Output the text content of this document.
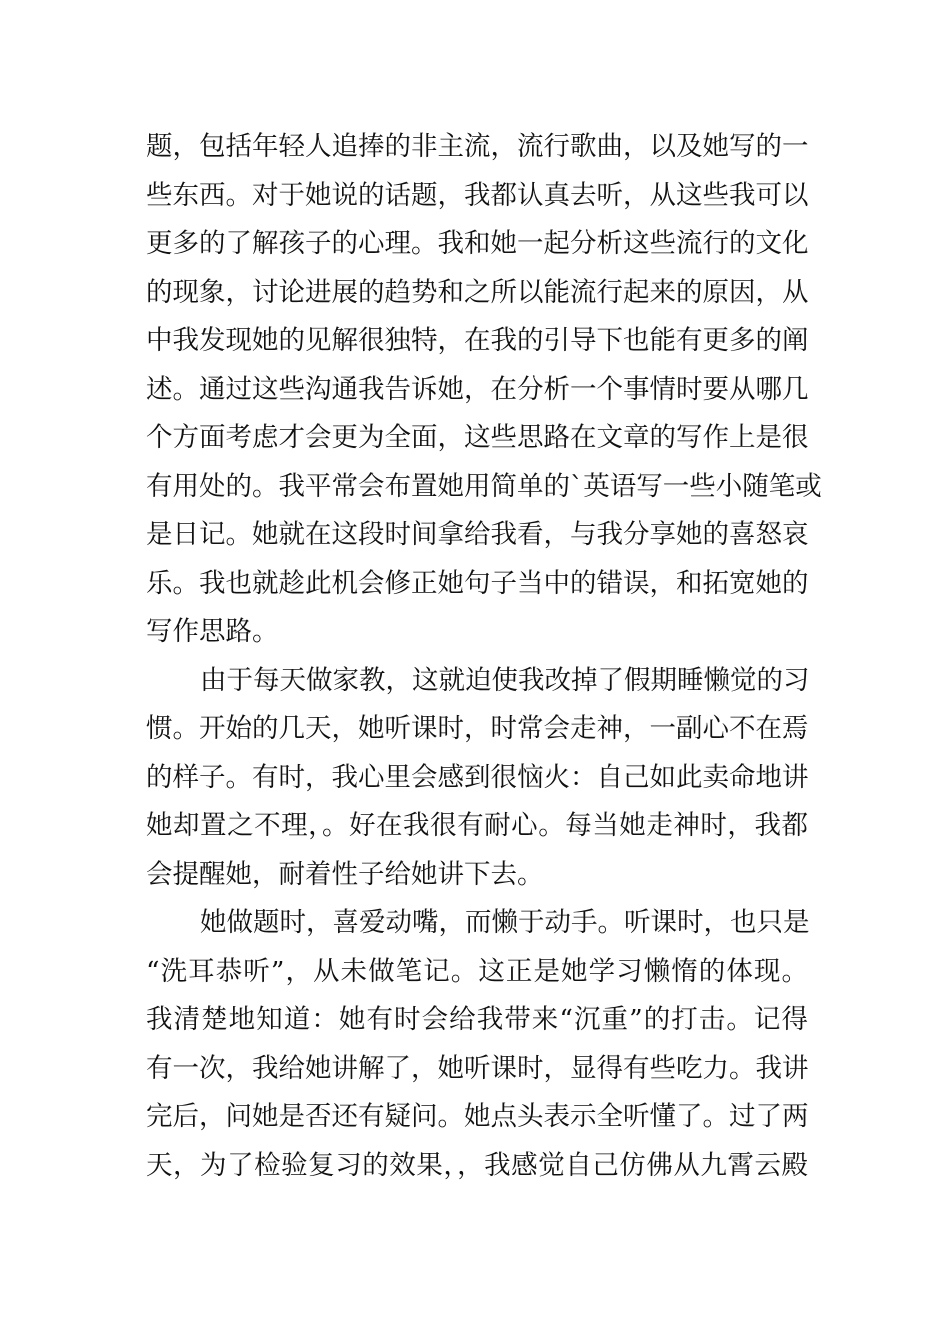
题，包括年轻人追捧的非主流，流行歌曲，以及她写的一
些东西。对于她说的话题，我都认真去听，从这些我可以
更多的了解孩子的心理。我和她一起分析这些流行的文化
的现象，讨论进展的趋势和之所以能流行起来的原因，从
中我发现她的见解很独特，在我的引导下也能有更多的阐
述。通过这些沟通我告诉她，在分析一个事情时要从哪几
个方面考虑才会更为全面，这些思路在文章的写作上是很
有用处的。我平常会布置她用简单的`英语写一些小随笔或
是日记。她就在这段时间拿给我看，与我分享她的喜怒哀
乐。我也就趁此机会修正她句子当中的错误，和拓宽她的
写作思路。
由于每天做家教，这就迫使我改掉了假期睡懒觉的习
惯。开始的几天，她听课时，时常会走神，一副心不在焉
的样子。有时，我心里会感到很恼火：自己如此卖命地讲
她却置之不理，。好在我很有耐心。每当她走神时，我都
会提醒她，耐着性子给她讲下去。
她做题时，喜爱动嘴，而懒于动手。听课时，也只是
“洗耳恭听”，从未做笔记。这正是她学习懒惰的体现。
我清楚地知道：她有时会给我带来“沉重”的打击。记得
有一次，我给她讲解了，她听课时，显得有些吃力。我讲
完后，问她是否还有疑问。她点头表示全听懂了。过了两
天，为了检验复习的效果，，我感觉自己仿佛从九霄云殿
